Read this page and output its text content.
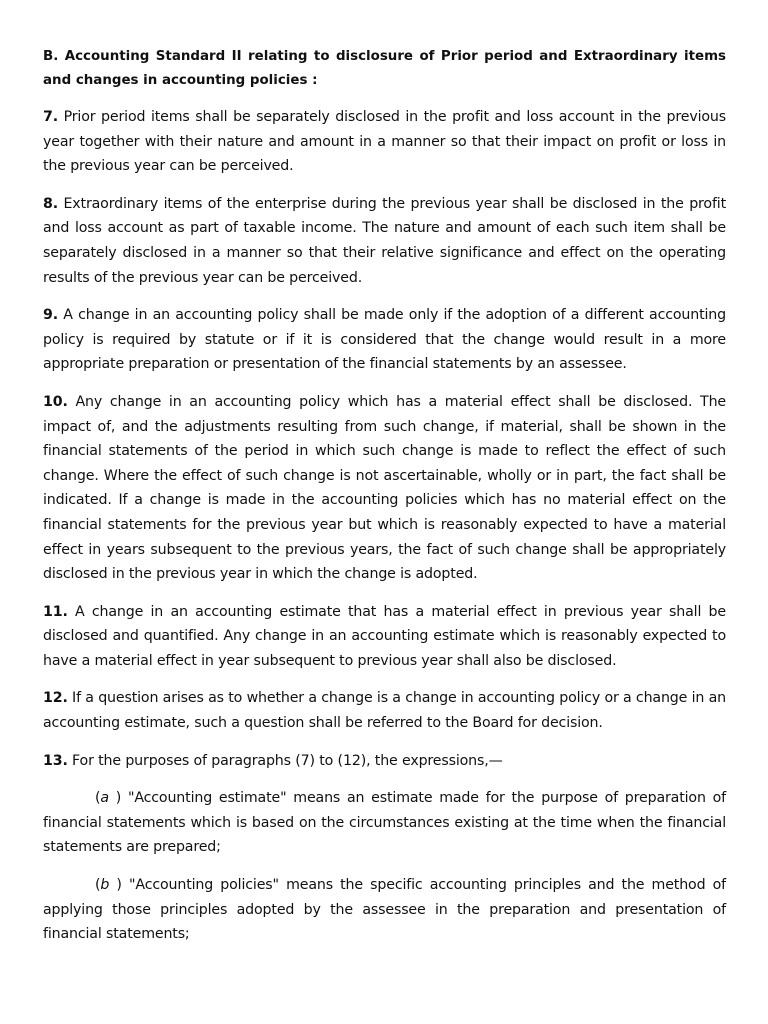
B. Accounting Standard II relating to disclosure of Prior period and Extraordinary items and changes in accounting policies :

7. Prior period items shall be separately disclosed in the profit and loss account in the previous year together with their nature and amount in a manner so that their impact on profit or loss in the previous year can be perceived.

8. Extraordinary items of the enterprise during the previous year shall be disclosed in the profit and loss account as part of taxable income. The nature and amount of each such item shall be separately disclosed in a manner so that their relative significance and effect on the operating results of the previous year can be perceived.

9. A change in an accounting policy shall be made only if the adoption of a different accounting policy is required by statute or if it is considered that the change would result in a more appropriate preparation or presentation of the financial statements by an assessee.

10. Any change in an accounting policy which has a material effect shall be disclosed. The impact of, and the adjustments resulting from such change, if material, shall be shown in the financial statements of the period in which such change is made to reflect the effect of such change. Where the effect of such change is not ascertainable, wholly or in part, the fact shall be indicated. If a change is made in the accounting policies which has no material effect on the financial statements for the previous year but which is reasonably expected to have a material effect in years subsequent to the previous years, the fact of such change shall be appropriately disclosed in the previous year in which the change is adopted.

11. A change in an accounting estimate that has a material effect in previous year shall be disclosed and quantified. Any change in an accounting estimate which is reasonably expected to have a material effect in year subsequent to previous year shall also be disclosed.

12. If a question arises as to whether a change is a change in accounting policy or a change in an accounting estimate, such a question shall be referred to the Board for decision.

13. For the purposes of paragraphs (7) to (12), the expressions,—

(a ) "Accounting estimate" means an estimate made for the purpose of preparation of financial statements which is based on the circumstances existing at the time when the financial statements are prepared;

(b ) "Accounting policies" means the specific accounting principles and the method of applying those principles adopted by the assessee in the preparation and presentation of financial statements;
